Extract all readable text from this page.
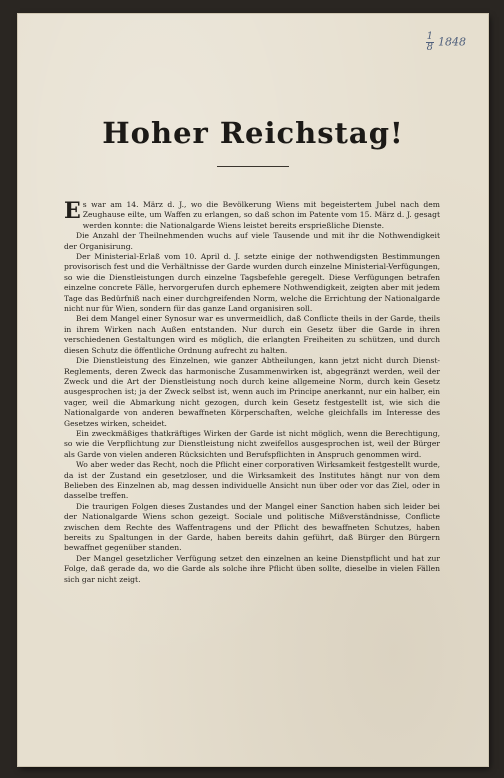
$\frac{1}{8} 1848$
Hoher Reichstag!

Es war am 14. März d. J., wo die Bevölkerung Wiens mit begeistertem Jubel nach dem Zeughause eilte, um Waffen zu erlangen, so daß schon im Patente vom 15. März d. J. gesagt werden konnte: die Nationalgarde Wiens leistet bereits ersprießliche Dienste.

Die Anzahl der Theilnehmenden wuchs auf viele Tausende und mit ihr die Nothwendigkeit der Organisirung.

Der Ministerial-Erlaß vom 10. April d. J. setzte einige der nothwendigsten Bestimmungen provisorisch fest und die Verhältnisse der Garde wurden durch einzelne Ministerial-Verfügungen, so wie die Dienstleistungen durch einzelne Tagsbefehle geregelt. Diese Verfügungen betrafen einzelne concrete Fälle, hervorgerufen durch ephemere Nothwendigkeit, zeigten aber mit jedem Tage das Bedürfniß nach einer durchgreifenden Norm, welche die Errichtung der Nationalgarde nicht nur für Wien, sondern für das ganze Land organisiren soll.

Bei dem Mangel einer Synosur war es unvermeidlich, daß Conflicte theils in der Garde, theils in ihrem Wirken nach Außen entstanden. Nur durch ein Gesetz über die Garde in ihren verschiedenen Gestaltungen wird es möglich, die erlangten Freiheiten zu schützen, und durch diesen Schutz die öffentliche Ordnung aufrecht zu halten.

Die Dienstleistung des Einzelnen, wie ganzer Abtheilungen, kann jetzt nicht durch Dienst-Reglements, deren Zweck das harmonische Zusammenwirken ist, abgegränzt werden, weil der Zweck und die Art der Dienstleistung noch durch keine allgemeine Norm, durch kein Gesetz ausgesprochen ist; ja der Zweck selbst ist, wenn auch im Principe anerkannt, nur ein halber, ein vager, weil die Abmarkung nicht gezogen, durch kein Gesetz festgestellt ist, wie sich die Nationalgarde von anderen bewaffneten Körperschaften, welche gleichfalls im Interesse des Gesetzes wirken, scheidet.

Ein zweckmäßiges thatkräftiges Wirken der Garde ist nicht möglich, wenn die Berechtigung, so wie die Verpflichtung zur Dienstleistung nicht zweifellos ausgesprochen ist, weil der Bürger als Garde von vielen anderen Rücksichten und Berufspflichten in Anspruch genommen wird.

Wo aber weder das Recht, noch die Pflicht einer corporativen Wirksamkeit festgestellt wurde, da ist der Zustand ein gesetzloser, und die Wirksamkeit des Institutes hängt nur von dem Belieben des Einzelnen ab, mag dessen individuelle Ansicht nun über oder vor das Ziel, oder in dasselbe treffen.

Die traurigen Folgen dieses Zustandes und der Mangel einer Sanction haben sich leider bei der Nationalgarde Wiens schon gezeigt. Sociale und politische Mißverständnisse, Conflicte zwischen dem Rechte des Waffentragens und der Pflicht des bewaffneten Schutzes, haben bereits zu Spaltungen in der Garde, haben bereits dahin geführt, daß Bürger den Bürgern bewaffnet gegenüber standen.

Der Mangel gesetzlicher Verfügung setzet den einzelnen an keine Dienstpflicht und hat zur Folge, daß gerade da, wo die Garde als solche ihre Pflicht üben sollte, dieselbe in vielen Fällen sich gar nicht zeigt.
